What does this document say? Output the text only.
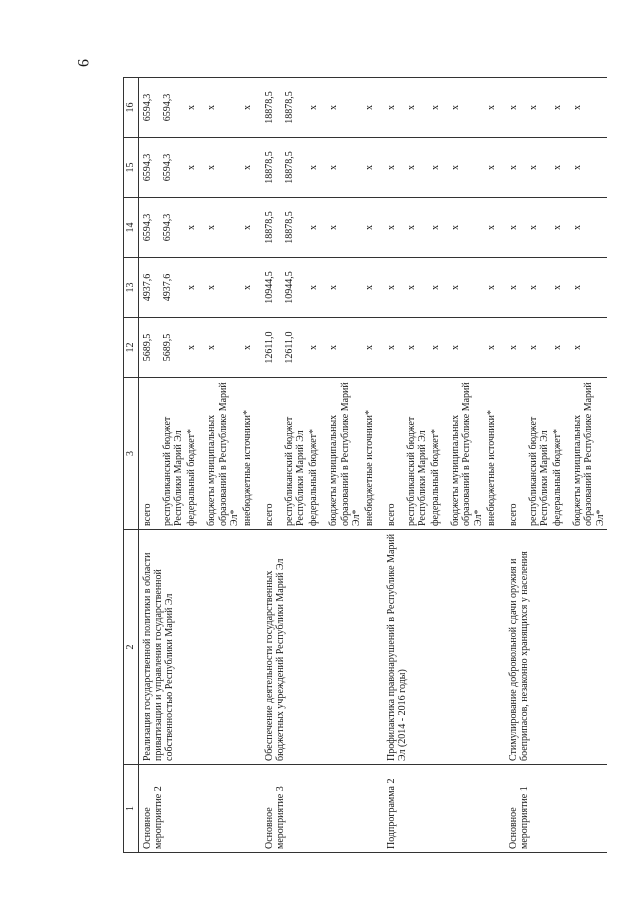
9
1	2	3	12	13	14	15	16
Основное мероприятие 2	Реализация государственной политики в области приватизации и управления государственной собственностью Республики Марий Эл	всего	5689,5	4937,6	6594,3	6594,3	6594,3
		республиканский бюджет Республики Марий Эл	5689,5	4937,6	6594,3	6594,3	6594,3
		федеральный бюджет*	x	x	x	x	x
		бюджеты муниципальных образований в Республике Марий Эл*	x	x	x	x	x
		внебюджетные источники*	x	x	x	x	x
Основное мероприятие 3	Обеспечение деятельности государственных бюджетных учреждений Республики Марий Эл	всего	12611,0	10944,5	18878,5	18878,5	18878,5
		республиканский бюджет Республики Марий Эл	12611,0	10944,5	18878,5	18878,5	18878,5
		федеральный бюджет*	x	x	x	x	x
		бюджеты муниципальных образований в Республике Марий Эл*	x	x	x	x	x
		внебюджетные источники*	x	x	x	x	x
Подпрограмма 2	Профилактика правонарушений в Республике Марий Эл (2014 - 2016 годы)	всего	x	x	x	x	x
		республиканский бюджет Республики Марий Эл	x	x	x	x	x
		федеральный бюджет*	x	x	x	x	x
		бюджеты муниципальных образований в Республике Марий Эл*	x	x	x	x	x
		внебюджетные источники*	x	x	x	x	x
Основное мероприятие 1	Стимулирование добровольной сдачи оружия и боеприпасов, незаконно хранящихся у населения	всего	x	x	x	x	x
		республиканский бюджет Республики Марий Эл	x	x	x	x	x
		федеральный бюджет*	x	x	x	x	x
		бюджеты муниципальных образований в Республике Марий Эл*	x	x	x	x	x
